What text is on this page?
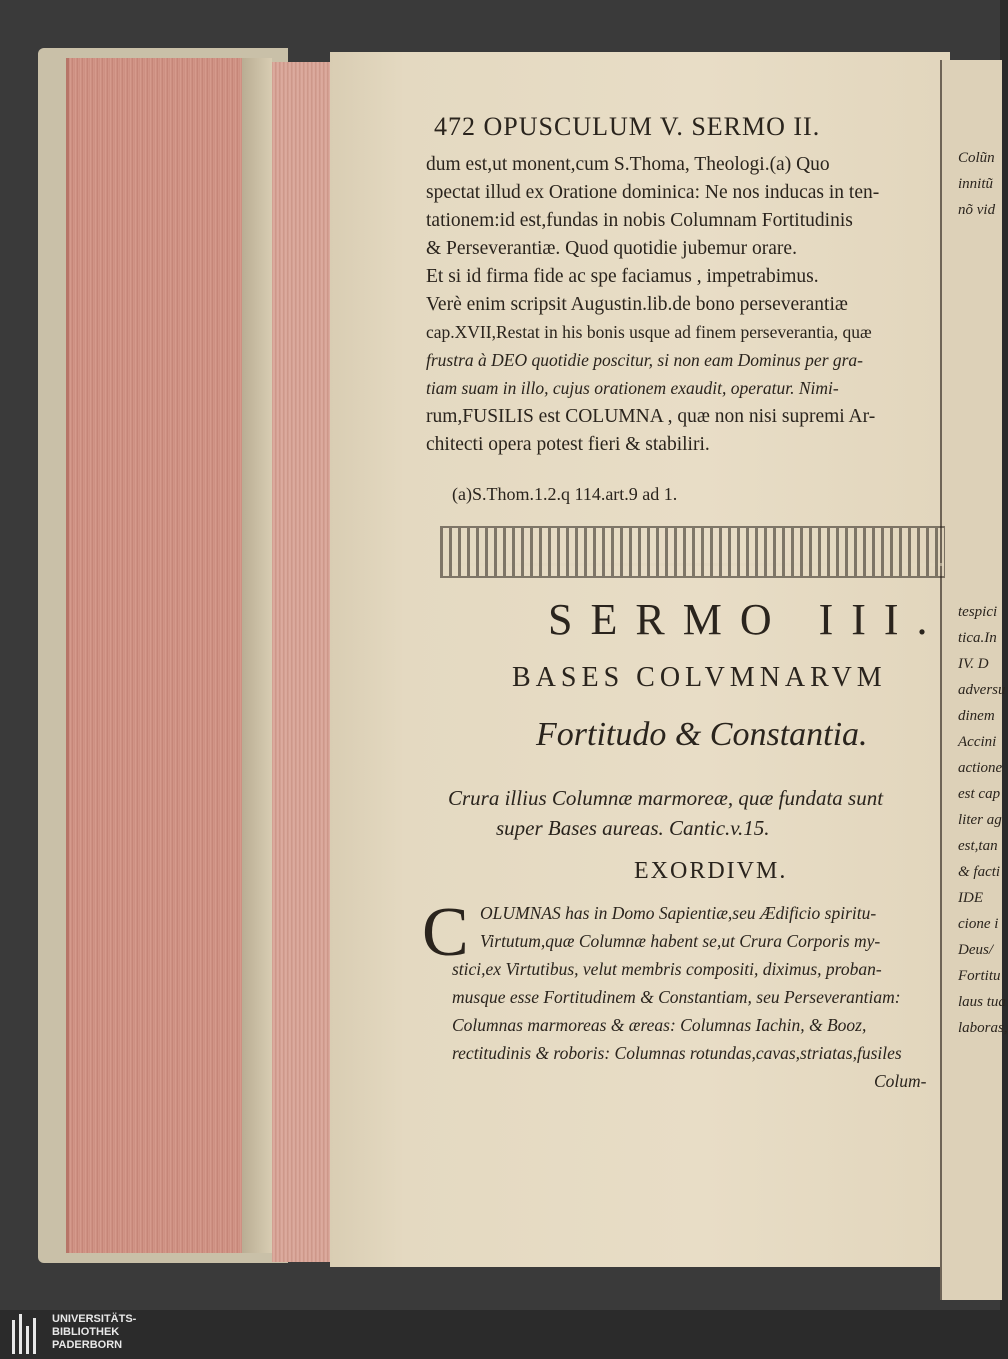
472 OPUSCULUM V. SERMO II.
dum est,ut monent,cum S.Thoma, Theologi.(a) Quo
spectat illud ex Oratione dominica: Ne nos inducas in ten-
tationem:id est,fundas in nobis Columnam Fortitudinis
& Perseverantiæ. Quod quotidie jubemur orare.
Et si id firma fide ac spe faciamus , impetrabimus.
Verè enim scripsit Augustin.lib.de bono perseverantiæ
cap.XVII,Restat in his bonis usque ad finem perseverantia, quæ
frustra à DEO quotidie poscitur, si non eam Dominus per gra-
tiam suam in illo, cujus orationem exaudit, operatur. Nimi-
rum,FUSILIS est COLUMNA , quæ non nisi supremi Ar-
chitecti opera potest fieri & stabiliri.
(a)S.Thom.1.2.q 114.art.9 ad 1.
SERMO III.
BASES COLVMNARVM
Fortitudo & Constantia.
Crura illius Columnæ marmoreæ, quæ fundata sunt
super Bases aureas. Cantic.v.15.
EXORDIVM.
C OLUMNAS has in Domo Sapientiæ,seu Ædificio spiritu-
Virtutum,quæ Columnæ habent se,ut Crura Corporis my-
stici,ex Virtutibus, velut membris compositi, diximus, proban-
musque esse Fortitudinem & Constantiam, seu Perseverantiam:
Columnas marmoreas & æreas: Columnas Iachin, & Booz,
rectitudinis & roboris: Columnas rotundas,cavas,striatas,fusiles
Colum-
Colũn
innitũ
nõ vid
tespici
tica.In
IV. D
adversu
dinem
Accini
actione
est cap
liter ag
est,tan
& facti
IDE
cione i
Deus/
Fortitu
laus tua
laboras,
UNIVERSITÄTS-
BIBLIOTHEK
PADERBORN
